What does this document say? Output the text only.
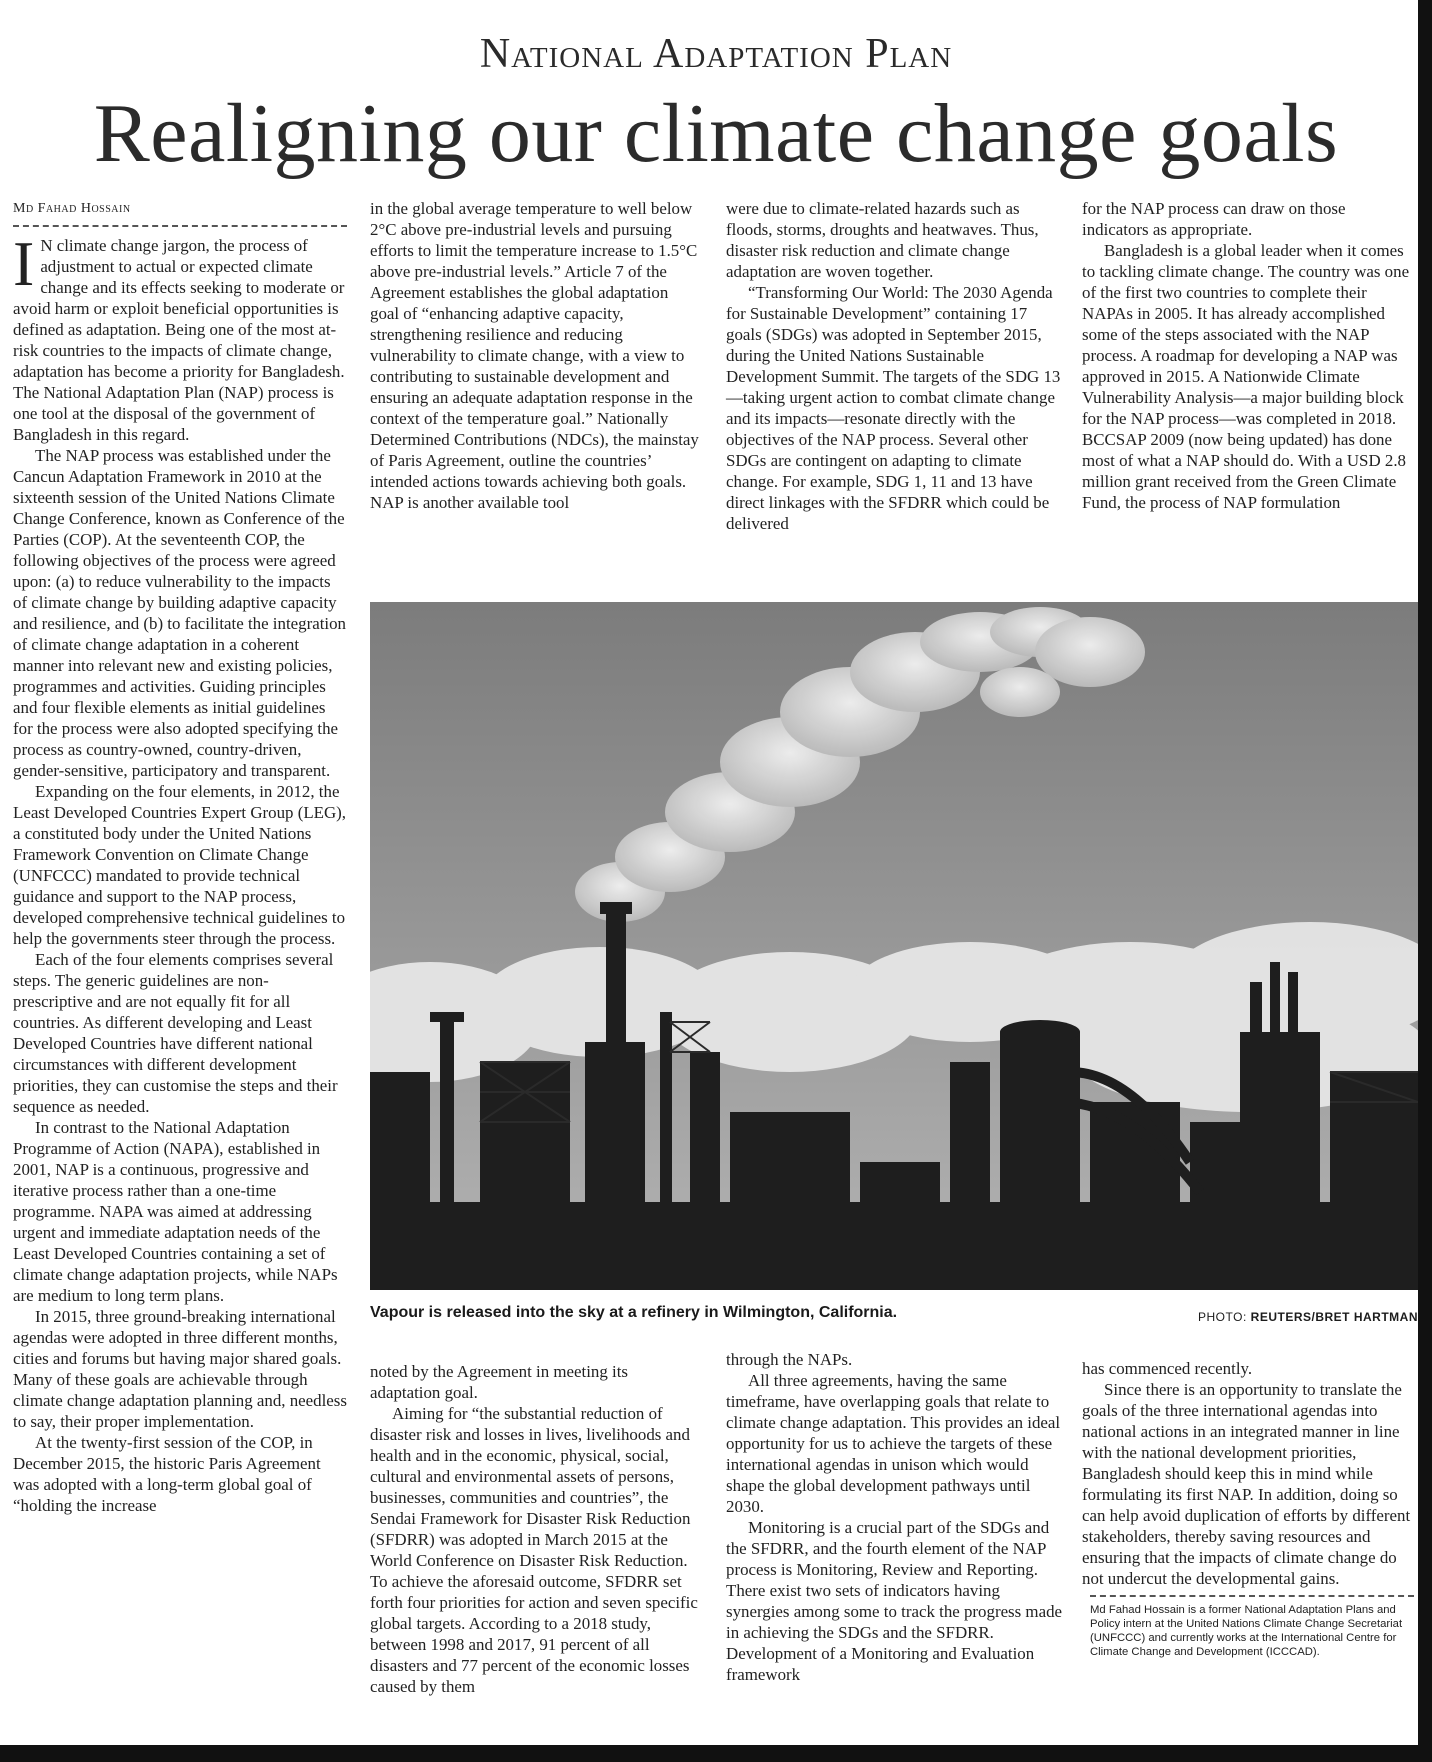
National Adaptation Plan
Realigning our climate change goals
Md Fahad Hossain

I N climate change jargon, the process of adjustment to actual or expected climate change and its effects seeking to moderate or avoid harm or exploit beneficial opportunities is defined as adaptation. Being one of the most at-risk countries to the impacts of climate change, adaptation has become a priority for Bangladesh. The National Adaptation Plan (NAP) process is one tool at the disposal of the government of Bangladesh in this regard.

The NAP process was established under the Cancun Adaptation Framework in 2010 at the sixteenth session of the United Nations Climate Change Conference, known as Conference of the Parties (COP). At the seventeenth COP, the following objectives of the process were agreed upon: (a) to reduce vulnerability to the impacts of climate change by building adaptive capacity and resilience, and (b) to facilitate the integration of climate change adaptation in a coherent manner into relevant new and existing policies, programmes and activities. Guiding principles and four flexible elements as initial guidelines for the process were also adopted specifying the process as country-owned, country-driven, gender-sensitive, participatory and transparent.

Expanding on the four elements, in 2012, the Least Developed Countries Expert Group (LEG), a constituted body under the United Nations Framework Convention on Climate Change (UNFCCC) mandated to provide technical guidance and support to the NAP process, developed comprehensive technical guidelines to help the governments steer through the process.

Each of the four elements comprises several steps. The generic guidelines are non-prescriptive and are not equally fit for all countries. As different developing and Least Developed Countries have different national circumstances with different development priorities, they can customise the steps and their sequence as needed.

In contrast to the National Adaptation Programme of Action (NAPA), established in 2001, NAP is a continuous, progressive and iterative process rather than a one-time programme. NAPA was aimed at addressing urgent and immediate adaptation needs of the Least Developed Countries containing a set of climate change adaptation projects, while NAPs are medium to long term plans.

In 2015, three ground-breaking international agendas were adopted in three different months, cities and forums but having major shared goals. Many of these goals are achievable through climate change adaptation planning and, needless to say, their proper implementation.

At the twenty-first session of the COP, in December 2015, the historic Paris Agreement was adopted with a long-term global goal of “holding the increase

in the global average temperature to well below 2°C above pre-industrial levels and pursuing efforts to limit the temperature increase to 1.5°C above pre-industrial levels.” Article 7 of the Agreement establishes the global adaptation goal of “enhancing adaptive capacity, strengthening resilience and reducing vulnerability to climate change, with a view to contributing to sustainable development and ensuring an adequate adaptation response in the context of the temperature goal.” Nationally Determined Contributions (NDCs), the mainstay of Paris Agreement, outline the countries’ intended actions towards achieving both goals. NAP is another available tool

were due to climate-related hazards such as floods, storms, droughts and heatwaves. Thus, disaster risk reduction and climate change adaptation are woven together.

“Transforming Our World: The 2030 Agenda for Sustainable Development” containing 17 goals (SDGs) was adopted in September 2015, during the United Nations Sustainable Development Summit. The targets of the SDG 13—taking urgent action to combat climate change and its impacts—resonate directly with the objectives of the NAP process. Several other SDGs are contingent on adapting to climate change. For example, SDG 1, 11 and 13 have direct linkages with the SFDRR which could be delivered

for the NAP process can draw on those indicators as appropriate.

Bangladesh is a global leader when it comes to tackling climate change. The country was one of the first two countries to complete their NAPAs in 2005. It has already accomplished some of the steps associated with the NAP process. A roadmap for developing a NAP was approved in 2015. A Nationwide Climate Vulnerability Analysis—a major building block for the NAP process—was completed in 2018. BCCSAP 2009 (now being updated) has done most of what a NAP should do. With a USD 2.8 million grant received from the Green Climate Fund, the process of NAP formulation

Vapour is released into the sky at a refinery in Wilmington, California.	PHOTO: REUTERS/BRET HARTMAN

noted by the Agreement in meeting its adaptation goal.

Aiming for “the substantial reduction of disaster risk and losses in lives, livelihoods and health and in the economic, physical, social, cultural and environmental assets of persons, businesses, communities and countries”, the Sendai Framework for Disaster Risk Reduction (SFDRR) was adopted in March 2015 at the World Conference on Disaster Risk Reduction. To achieve the aforesaid outcome, SFDRR set forth four priorities for action and seven specific global targets. According to a 2018 study, between 1998 and 2017, 91 percent of all disasters and 77 percent of the economic losses caused by them

through the NAPs.

All three agreements, having the same timeframe, have overlapping goals that relate to climate change adaptation. This provides an ideal opportunity for us to achieve the targets of these international agendas in unison which would shape the global development pathways until 2030.

Monitoring is a crucial part of the SDGs and the SFDRR, and the fourth element of the NAP process is Monitoring, Review and Reporting. There exist two sets of indicators having synergies among some to track the progress made in achieving the SDGs and the SFDRR. Development of a Monitoring and Evaluation framework

has commenced recently.

Since there is an opportunity to translate the goals of the three international agendas into national actions in an integrated manner in line with the national development priorities, Bangladesh should keep this in mind while formulating its first NAP. In addition, doing so can help avoid duplication of efforts by different stakeholders, thereby saving resources and ensuring that the impacts of climate change do not undercut the developmental gains.

Md Fahad Hossain is a former National Adaptation Plans and Policy intern at the United Nations Climate Change Secretariat (UNFCCC) and currently works at the International Centre for Climate Change and Development (ICCCAD).
